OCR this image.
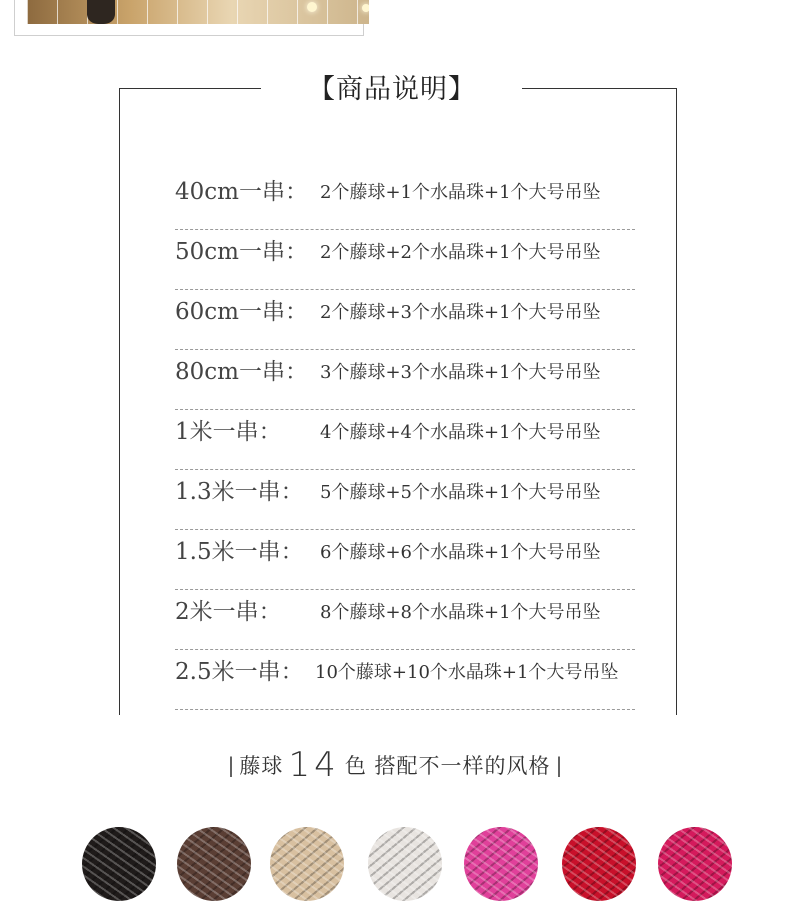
【商品说明】
40cm一串： 2个藤球+1个水晶珠+1个大号吊坠
50cm一串： 2个藤球+2个水晶珠+1个大号吊坠
60cm一串： 2个藤球+3个水晶珠+1个大号吊坠
80cm一串： 3个藤球+3个水晶珠+1个大号吊坠
1米一串： 4个藤球+4个水晶珠+1个大号吊坠
1.3米一串： 5个藤球+5个水晶珠+1个大号吊坠
1.5米一串： 6个藤球+6个水晶珠+1个大号吊坠
2米一串： 8个藤球+8个水晶珠+1个大号吊坠
2.5米一串： 10个藤球+10个水晶珠+1个大号吊坠
| 藤球 14 色 搭配不一样的风格 |
